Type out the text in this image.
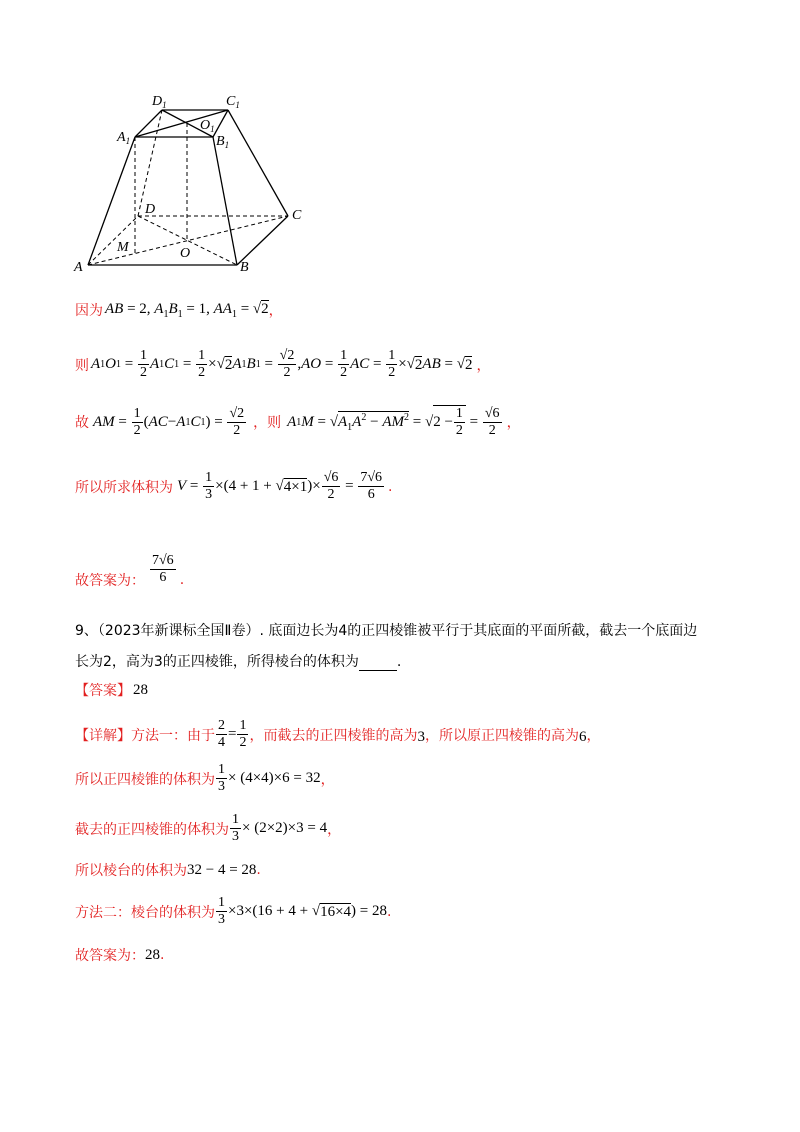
$D_1$	$C_1$
$A_1$
$O_1$
$B_1$
D	C
M	O
A	B
因为 AB = 2, $A_1B_1 = 1$, $AA_1 = √2$ ，
则 A 1 O $1 = \frac{1}{2}$ A 1 C $1 = \frac{1}{2}$ ×√ 2 A 1 B $1 = \frac{√2}{2}$ , AO = $\frac{1}{2}$ AC = $\frac{1}{2}$ ×√ 2 AB = √ 2 ，
故 AM = $\frac{1}{2}$ ( AC − A 1 C 1 ) = $\frac{√2}{2}$ ，则 A 1 M = √ $A_1A^2 - AM^2$ = √ $2 - \frac{1}{2} = \frac{√6}{2}$ ，
所以所求体积为 $V = \frac{1}{3} \times(4 + 1$ + √ 4×1 )× $\frac{√6}{2} = \frac{7√6}{6}$ .
故答案为： $\frac{7√6}{6}$ .
9、（2023年新课标全国Ⅱ卷）. 底面边长为4的正四棱锥被平行于其底面的平面所截，截去一个底面边
长为2，高为3的正四棱锥，所得棱台的体积为	.
【答案】 28
【详解】 方法一：由于 $\frac{2}{4} = \frac{1}{2}$ ，而截去的正四棱锥的高为 3 ，所以原正四棱锥的高为 6 ，
所以正四棱锥的体积为 $\frac{1}{3} \times (4\times 4)\times 6 = 32$ ，
截去的正四棱锥的体积为 $\frac{1}{3} \times (2\times 2)\times 3 = 4$ ，
所以棱台的体积为 32 − 4 = 28 .
方法二：棱台的体积为 $\frac{1}{3} \times 3\times(16 + 4$ + √ 16×4 ) = 28 .
故答案为： 28 .
